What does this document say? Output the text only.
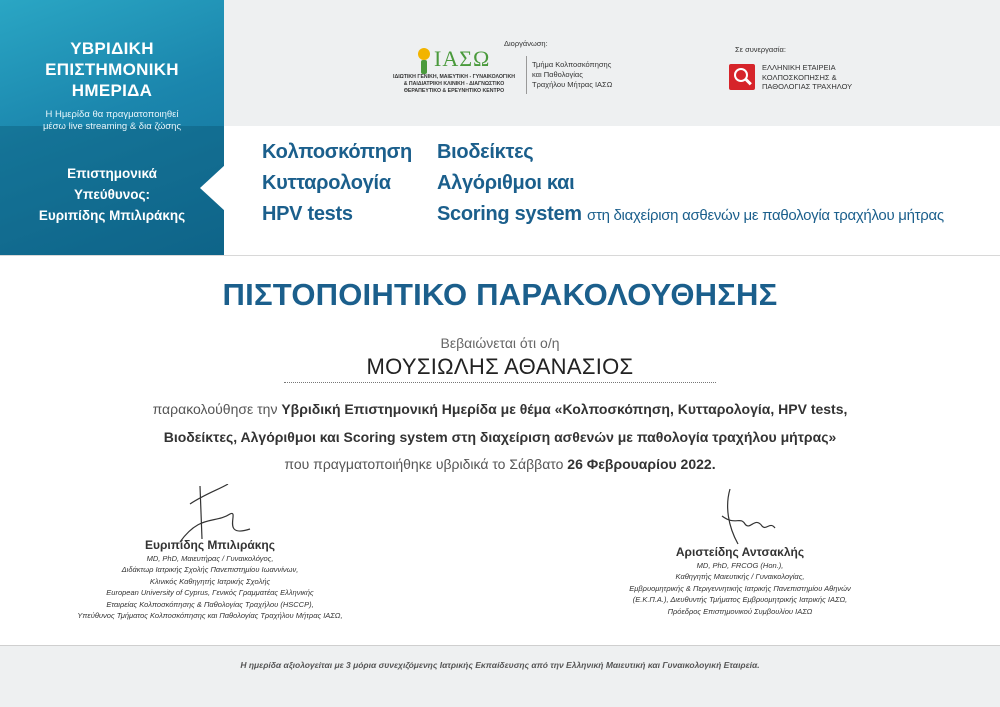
ΥΒΡΙΔΙΚΗ
ΕΠΙΣΤΗΜΟΝΙΚΗ
ΗΜΕΡΙΔΑ
Η Ημερίδα θα πραγματοποιηθεί
μέσω live streaming & δια ζώσης
Επιστημονικά
Υπεύθυνος:
Ευριπίδης Μπιλιράκης
Διοργάνωση:
ΙΑΣΩ
ΙΔΙΩΤΙΚΗ ΓΕΝΙΚΗ, ΜΑΙΕΥΤΙΚΗ - ΓΥΝΑΙΚΟΛΟΓΙΚΗ
& ΠΑΙΔΙΑΤΡΙΚΗ ΚΛΙΝΙΚΗ - ΔΙΑΓΝΩΣΤΙΚΟ
ΘΕΡΑΠΕΥΤΙΚΟ & ΕΡΕΥΝΗΤΙΚΟ ΚΕΝΤΡΟ
Τμήμα Κολποσκόπησης
και Παθολογίας
Τραχήλου Μήτρας ΙΑΣΩ
Σε συνεργασία:
ΕΛΛΗΝΙΚΗ ΕΤΑΙΡΕΙΑ
ΚΟΛΠΟΣΚΟΠΗΣΗΣ &
ΠΑΘΟΛΟΓΙΑΣ ΤΡΑΧΗΛΟΥ
Κολποσκόπηση
Κυτταρολογία
HPV tests
Βιοδείκτες
Αλγόριθμοι και
Scoring system στη διαχείριση ασθενών με παθολογία τραχήλου μήτρας
ΠΙΣΤΟΠΟΙΗΤΙΚΟ ΠΑΡΑΚΟΛΟΥΘΗΣΗΣ
Βεβαιώνεται ότι ο/η
ΜΟΥΣΙΩΛΗΣ ΑΘΑΝΑΣΙΟΣ
παρακολούθησε την Υβριδική Επιστημονική Ημερίδα με θέμα «Κολποσκόπηση, Κυτταρολογία, HPV tests,
Βιοδείκτες, Αλγόριθμοι και Scoring system στη διαχείριση ασθενών με παθολογία τραχήλου μήτρας»
που πραγματοποιήθηκε υβριδικά το Σάββατο 26 Φεβρουαρίου 2022.
Ευριπίδης Μπιλιράκης
MD, PhD, Μαιευτήρας / Γυναικολόγος,
Διδάκτωρ Ιατρικής Σχολής Πανεπιστημίου Ιωαννίνων,
Κλινικός Καθηγητής Ιατρικής Σχολής
European University of Cyprus, Γενικός Γραμματέας Ελληνικής
Εταιρείας Κολποσκόπησης & Παθολογίας Τραχήλου (HSCCP),
Υπεύθυνος Τμήματος Κολποσκόπησης και Παθολογίας Τραχήλου Μήτρας ΙΑΣΩ,
Αριστείδης Αντσακλής
MD, PhD, FRCOG (Hon.),
Καθηγητής Μαιευτικής / Γυναικολογίας,
Εμβρυομητρικής & Περιγεννητικής Ιατρικής Πανεπιστημίου Αθηνών
(Ε.Κ.Π.Α.), Διευθυντής Τμήματος Εμβρυομητρικής Ιατρικής ΙΑΣΩ,
Πρόεδρος Επιστημονικού Συμβουλίου ΙΑΣΩ
Η ημερίδα αξιολογείται με 3 μόρια συνεχιζόμενης Ιατρικής Εκπαίδευσης από την Ελληνική Μαιευτική και Γυναικολογική Εταιρεία.
